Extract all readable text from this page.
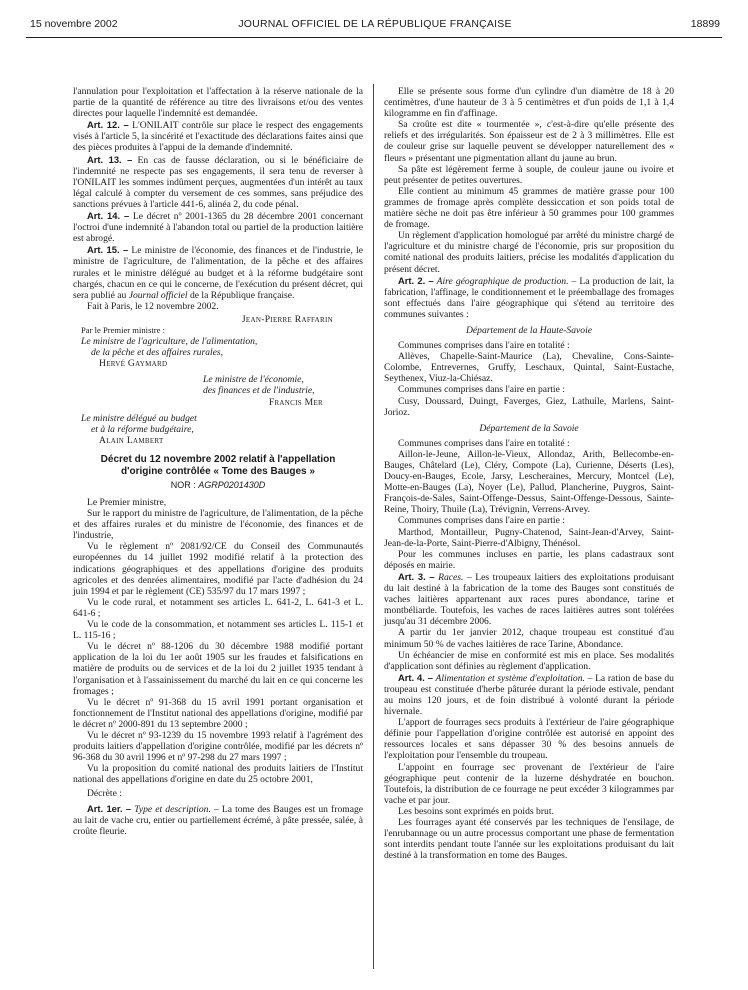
15 novembre 2002	JOURNAL OFFICIEL DE LA RÉPUBLIQUE FRANÇAISE	18899

l'annulation pour l'exploitation et l'affectation à la réserve nationale de la partie de la quantité de référence au titre des livraisons et/ou des ventes directes pour laquelle l'indemnité est demandée.

Art. 12. – L'ONILAIT contrôle sur place le respect des engagements visés à l'article 5, la sincérité et l'exactitude des déclarations faites ainsi que des pièces produites à l'appui de la demande d'indemnité.

Art. 13. – En cas de fausse déclaration, ou si le bénéficiaire de l'indemnité ne respecte pas ses engagements, il sera tenu de reverser à l'ONILAIT les sommes indûment perçues, augmentées d'un intérêt au taux légal calculé à compter du versement de ces sommes, sans préjudice des sanctions prévues à l'article 441-6, alinéa 2, du code pénal.

Art. 14. – Le décret nº 2001-1365 du 28 décembre 2001 concernant l'octroi d'une indemnité à l'abandon total ou partiel de la production laitière est abrogé.

Art. 15. – Le ministre de l'économie, des finances et de l'industrie, le ministre de l'agriculture, de l'alimentation, de la pêche et des affaires rurales et le ministre délégué au budget et à la réforme budgétaire sont chargés, chacun en ce qui le concerne, de l'exécution du présent décret, qui sera publié au Journal officiel de la République française.

Fait à Paris, le 12 novembre 2002.

Jean-Pierre Raffarin

Par le Premier ministre :

Le ministre de l'agriculture, de l'alimentation,

de la pêche et des affaires rurales,

Hervé Gaymard

Le ministre de l'économie,

des finances et de l'industrie,

Francis Mer

Le ministre délégué au budget

et à la réforme budgétaire,

Alain Lambert

Décret du 12 novembre 2002 relatif à l'appellation
d'origine contrôlée « Tome des Bauges »
NOR : AGRP0201430D

Le Premier ministre,

Sur le rapport du ministre de l'agriculture, de l'alimentation, de la pêche et des affaires rurales et du ministre de l'économie, des finances et de l'industrie,

Vu le règlement nº 2081/92/CE du Conseil des Communautés européennes du 14 juillet 1992 modifié relatif à la protection des indications géographiques et des appellations d'origine des produits agricoles et des denrées alimentaires, modifié par l'acte d'adhésion du 24 juin 1994 et par le règlement (CE) 535/97 du 17 mars 1997 ;

Vu le code rural, et notamment ses articles L. 641-2, L. 641-3 et L. 641-6 ;

Vu le code de la consommation, et notamment ses articles L. 115-1 et L. 115-16 ;

Vu le décret nº 88-1206 du 30 décembre 1988 modifié portant application de la loi du 1er août 1905 sur les fraudes et falsifications en matière de produits ou de services et de la loi du 2 juillet 1935 tendant à l'organisation et à l'assainissement du marché du lait en ce qui concerne les fromages ;

Vu le décret nº 91-368 du 15 avril 1991 portant organisation et fonctionnement de l'Institut national des appellations d'origine, modifié par le décret nº 2000-891 du 13 septembre 2000 ;

Vu le décret nº 93-1239 du 15 novembre 1993 relatif à l'agrément des produits laitiers d'appellation d'origine contrôlée, modifié par les décrets nº 96-368 du 30 avril 1996 et nº 97-298 du 27 mars 1997 ;

Vu la proposition du comité national des produits laitiers de l'Institut national des appellations d'origine en date du 25 octobre 2001,

Décrète :

Art. 1er. – Type et description. – La tome des Bauges est un fromage au lait de vache cru, entier ou partiellement écrémé, à pâte pressée, salée, à croûte fleurie.

Elle se présente sous forme d'un cylindre d'un diamètre de 18 à 20 centimètres, d'une hauteur de 3 à 5 centimètres et d'un poids de 1,1 à 1,4 kilogramme en fin d'affinage.

Sa croûte est dite « tourmentée », c'est-à-dire qu'elle présente des reliefs et des irrégularités. Son épaisseur est de 2 à 3 millimètres. Elle est de couleur grise sur laquelle peuvent se développer naturellement des « fleurs » présentant une pigmentation allant du jaune au brun.

Sa pâte est légèrement ferme à souple, de couleur jaune ou ivoire et peut présenter de petites ouvertures.

Elle contient au minimum 45 grammes de matière grasse pour 100 grammes de fromage après complète dessiccation et son poids total de matière sèche ne doit pas être inférieur à 50 grammes pour 100 grammes de fromage.

Un règlement d'application homologué par arrêté du ministre chargé de l'agriculture et du ministre chargé de l'économie, pris sur proposition du comité national des produits laitiers, précise les modalités d'application du présent décret.

Art. 2. – Aire géographique de production. – La production de lait, la fabrication, l'affinage, le conditionnement et le préemballage des fromages sont effectués dans l'aire géographique qui s'étend au territoire des communes suivantes :

Département de la Haute-Savoie

Communes comprises dans l'aire en totalité :

Allèves, Chapelle-Saint-Maurice (La), Chevaline, Cons-Sainte-Colombe, Entrevernes, Gruffy, Leschaux, Quintal, Saint-Eustache, Seythenex, Viuz-la-Chiésaz.

Communes comprises dans l'aire en partie :

Cusy, Doussard, Duingt, Faverges, Giez, Lathuile, Marlens, Saint-Jorioz.

Département de la Savoie

Communes comprises dans l'aire en totalité :

Aillon-le-Jeune, Aillon-le-Vieux, Allondaz, Arith, Bellecombe-en-Bauges, Châtelard (Le), Cléry, Compote (La), Curienne, Déserts (Les), Doucy-en-Bauges, Ecole, Jarsy, Lescheraines, Mercury, Montcel (Le), Motte-en-Bauges (La), Noyer (Le), Pallud, Plancherine, Puygros, Saint-François-de-Sales, Saint-Offenge-Dessus, Saint-Offenge-Dessous, Sainte-Reine, Thoiry, Thuile (La), Trévignin, Verrens-Arvey.

Communes comprises dans l'aire en partie :

Marthod, Montailleur, Pugny-Chatenod, Saint-Jean-d'Arvey, Saint-Jean-de-la-Porte, Saint-Pierre-d'Albigny, Thénésol.

Pour les communes incluses en partie, les plans cadastraux sont déposés en mairie.

Art. 3. – Races. – Les troupeaux laitiers des exploitations produisant du lait destiné à la fabrication de la tome des Bauges sont constitués de vaches laitières appartenant aux races pures abondance, tarine et montbéliarde. Toutefois, les vaches de races laitières autres sont tolérées jusqu'au 31 décembre 2006.

A partir du 1er janvier 2012, chaque troupeau est constitué d'au minimum 50 % de vaches laitières de race Tarine, Abondance.

Un échéancier de mise en conformité est mis en place. Ses modalités d'application sont définies au règlement d'application.

Art. 4. – Alimentation et système d'exploitation. – La ration de base du troupeau est constituée d'herbe pâturée durant la période estivale, pendant au moins 120 jours, et de foin distribué à volonté durant la période hivernale.

L'apport de fourrages secs produits à l'extérieur de l'aire géographique définie pour l'appellation d'origine contrôlée est autorisé en appoint des ressources locales et sans dépasser 30 % des besoins annuels de l'exploitation pour l'ensemble du troupeau.

L'appoint en fourrage sec provenant de l'extérieur de l'aire géographique peut contenir de la luzerne déshydratée en bouchon. Toutefois, la distribution de ce fourrage ne peut excéder 3 kilogrammes par vache et par jour.

Les besoins sont exprimés en poids brut.

Les fourrages ayant été conservés par les techniques de l'ensilage, de l'enrubannage ou un autre processus comportant une phase de fermentation sont interdits pendant toute l'année sur les exploitations produisant du lait destiné à la transformation en tome des Bauges.
